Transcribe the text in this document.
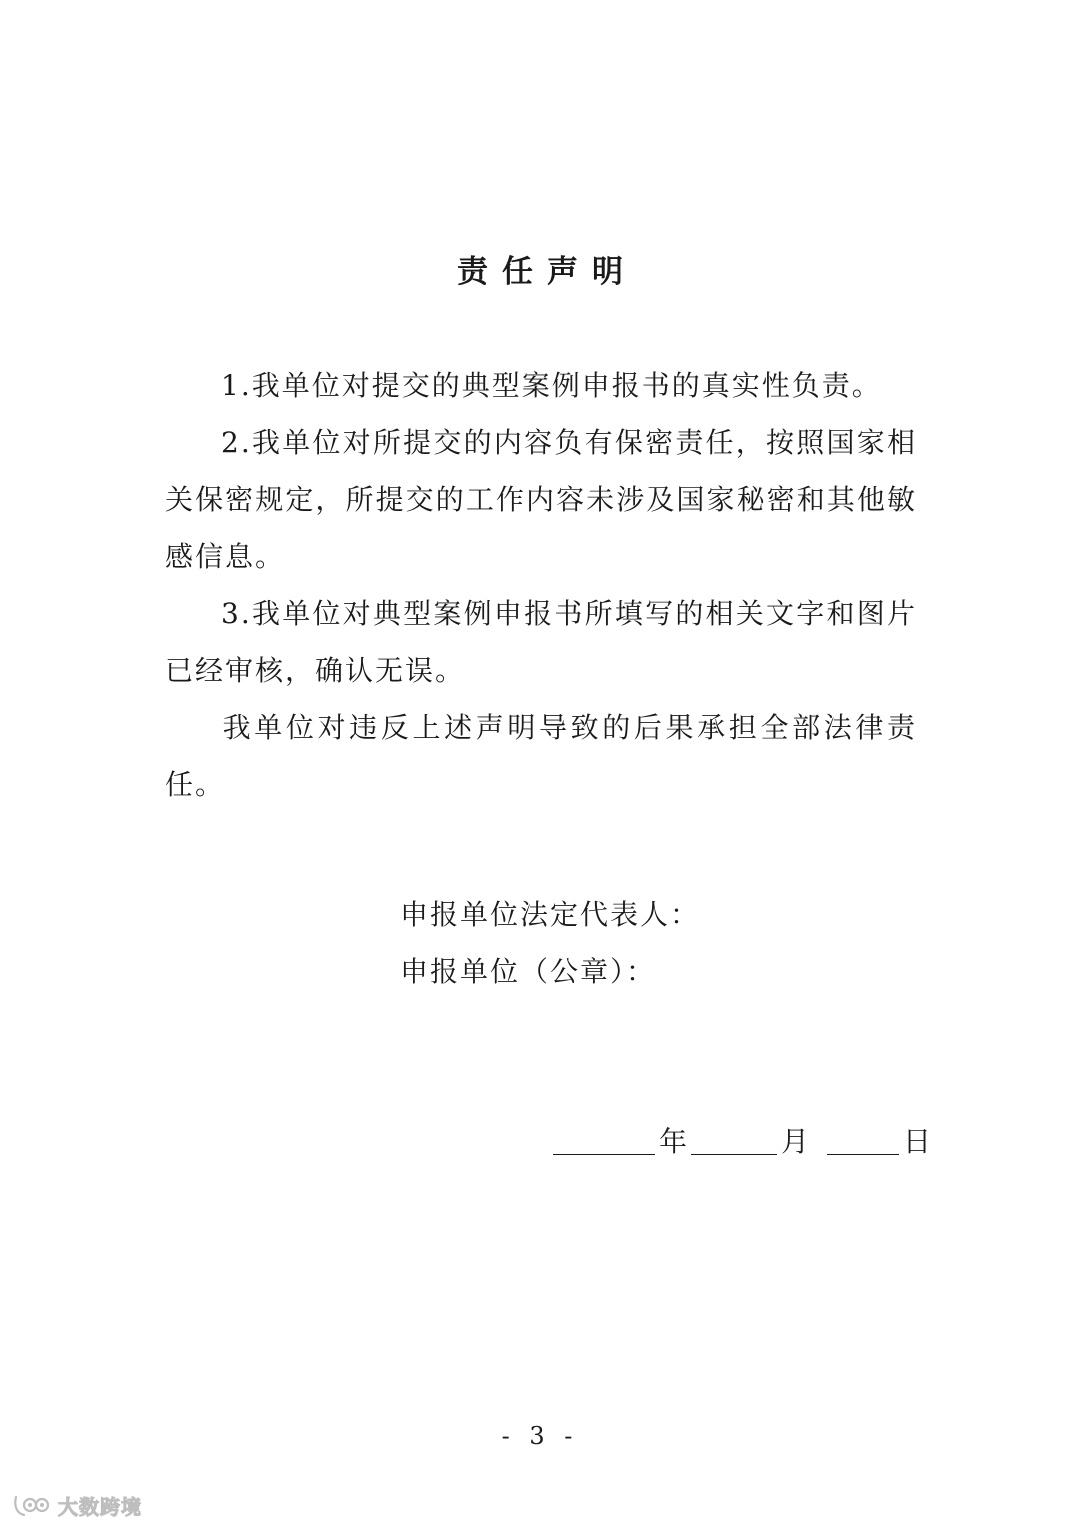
责任声明

1.我单位对提交的典型案例申报书的真实性负责。

2.我单位对所提交的内容负有保密责任，按照国家相关保密规定，所提交的工作内容未涉及国家秘密和其他敏感信息。

3.我单位对典型案例申报书所填写的相关文字和图片已经审核，确认无误。

我单位对违反上述声明导致的后果承担全部法律责任。

申报单位法定代表人：
申报单位（公章）：
年	月	日
- 3 -
大数跨境
